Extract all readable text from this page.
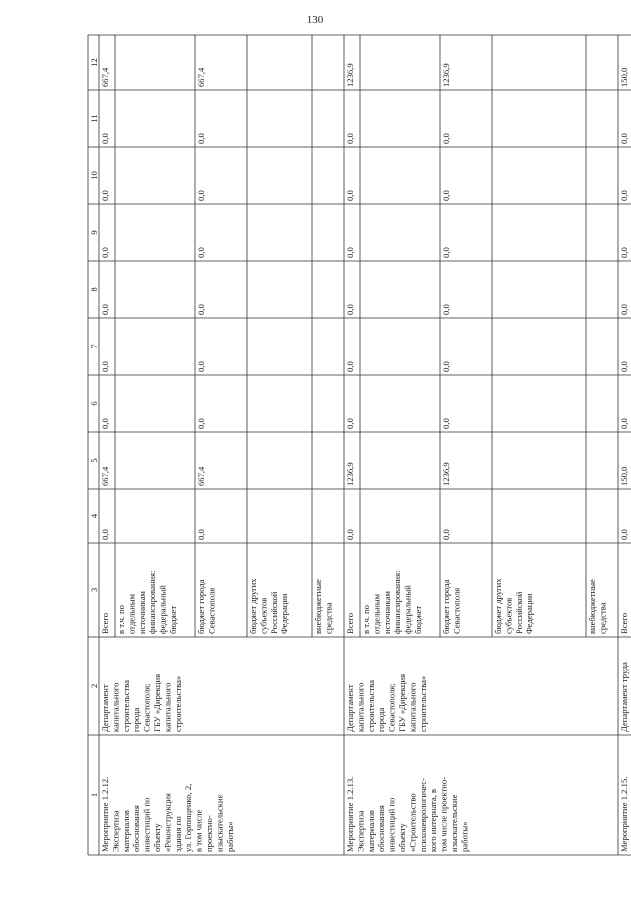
130
1
2
3
4
5
6
7
8
9
10
11
12
Мероприятие 1.2.12. Экспертиза материалов обоснования инвестиций по объекту «Реконструкция здания по ул. Горпищенко, 2, в том числе проектно- изыскательские работы»
Департамент капитального строительства города Севастополя; ГБУ «Дирекция капитального строительства»
Всего
0,0
667,4
0,0
0,0
0,0
0,0
0,0
0,0
667,4
в т.ч. по отдельным источникам финансирования: федеральный бюджет бюджет города Севастополя
0,0
667,4
0,0
0,0
0,0
0,0
0,0
0,0
667,4
бюджет других субъектов Российской Федерации	внебюджетные средства
Мероприятие 1.2.13. Экспертиза материалов обоснования инвестиций по объекту «Строительство психоневрологичес- кого интерната, в том числе проектно- изыскательские работы»
Департамент капитального строительства города Севастополя; ГБУ «Дирекция капитального строительства»
Всего
0,0
1236,9
0,0
0,0
0,0
0,0
0,0
0,0
1236,9
в т.ч. по отдельным источникам финансирования: федеральный бюджет бюджет города Севастополя
0,0
1236,9
0,0
0,0
0,0
0,0
0,0
0,0
1236,9
бюджет других субъектов Российской Федерации	внебюджетные средства
Мероприятие 1.2.15.
Департамент труда
Всего
0,0
150,0
0,0
0,0
0,0
0,0
0,0
0,0
150,0
